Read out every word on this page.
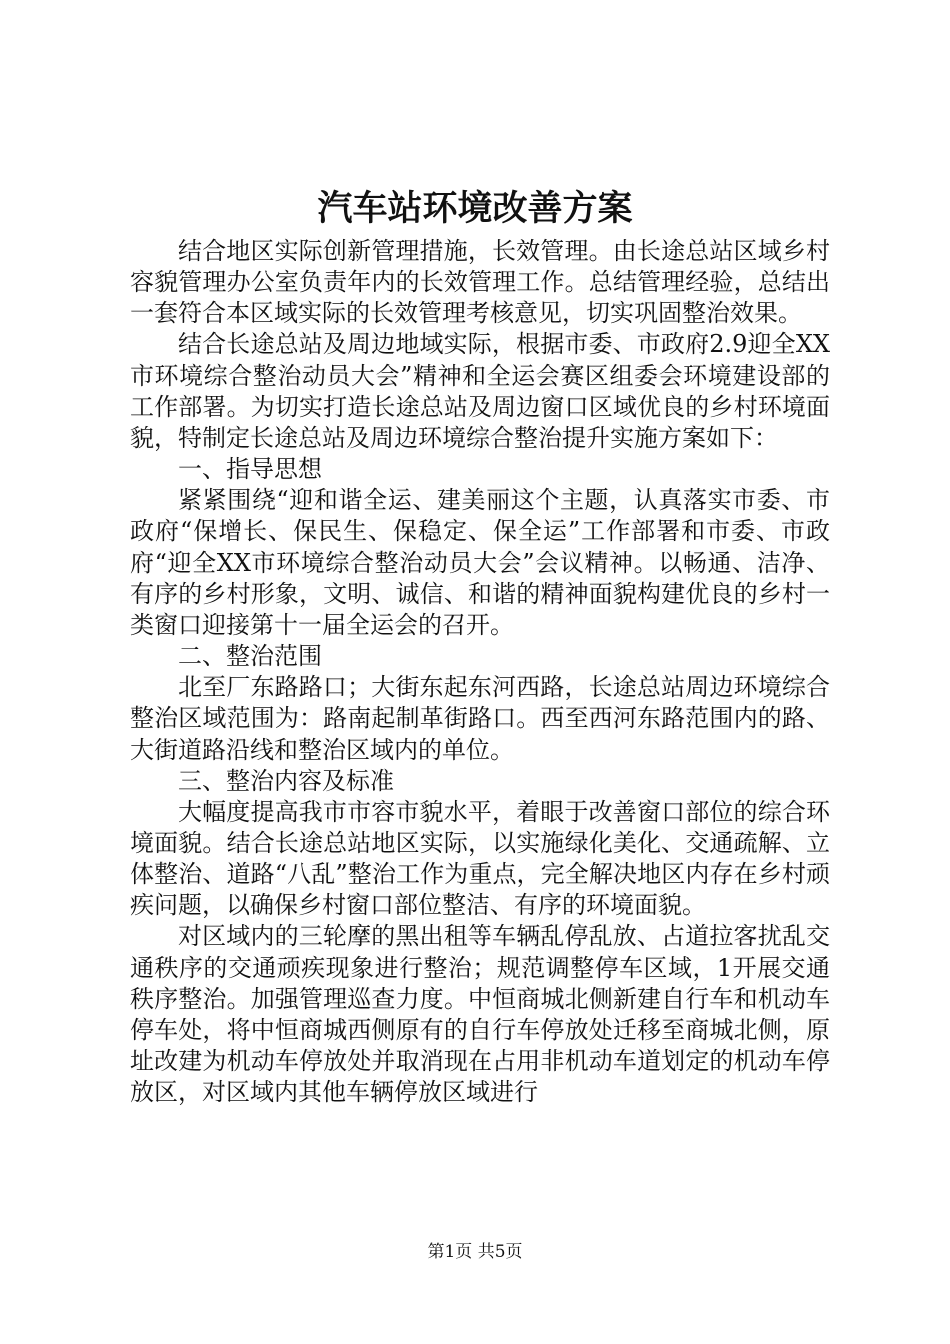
汽车站环境改善方案

结合地区实际创新管理措施，长效管理。由长途总站区域乡村容貌管理办公室负责年内的长效管理工作。总结管理经验，总结出一套符合本区域实际的长效管理考核意见，切实巩固整治效果。

结合长途总站及周边地域实际，根据市委、市政府2.9迎全XX市环境综合整治动员大会”精神和全运会赛区组委会环境建设部的工作部署。为切实打造长途总站及周边窗口区域优良的乡村环境面貌，特制定长途总站及周边环境综合整治提升实施方案如下：

一、指导思想

紧紧围绕“迎和谐全运、建美丽这个主题，认真落实市委、市政府“保增长、保民生、保稳定、保全运”工作部署和市委、市政府“迎全XX市环境综合整治动员大会”会议精神。以畅通、洁净、有序的乡村形象，文明、诚信、和谐的精神面貌构建优良的乡村一类窗口迎接第十一届全运会的召开。

二、整治范围

北至厂东路路口；大街东起东河西路，长途总站周边环境综合整治区域范围为：路南起制革街路口。西至西河东路范围内的路、大街道路沿线和整治区域内的单位。

三、整治内容及标准

大幅度提高我市市容市貌水平，着眼于改善窗口部位的综合环境面貌。结合长途总站地区实际，以实施绿化美化、交通疏解、立体整治、道路“八乱”整治工作为重点，完全解决地区内存在乡村顽疾问题，以确保乡村窗口部位整洁、有序的环境面貌。

对区域内的三轮摩的黑出租等车辆乱停乱放、占道拉客扰乱交通秩序的交通顽疾现象进行整治；规范调整停车区域，1开展交通秩序整治。加强管理巡查力度。中恒商城北侧新建自行车和机动车停车处，将中恒商城西侧原有的自行车停放处迁移至商城北侧，原址改建为机动车停放处并取消现在占用非机动车道划定的机动车停放区，对区域内其他车辆停放区域进行

第1页 共5页
